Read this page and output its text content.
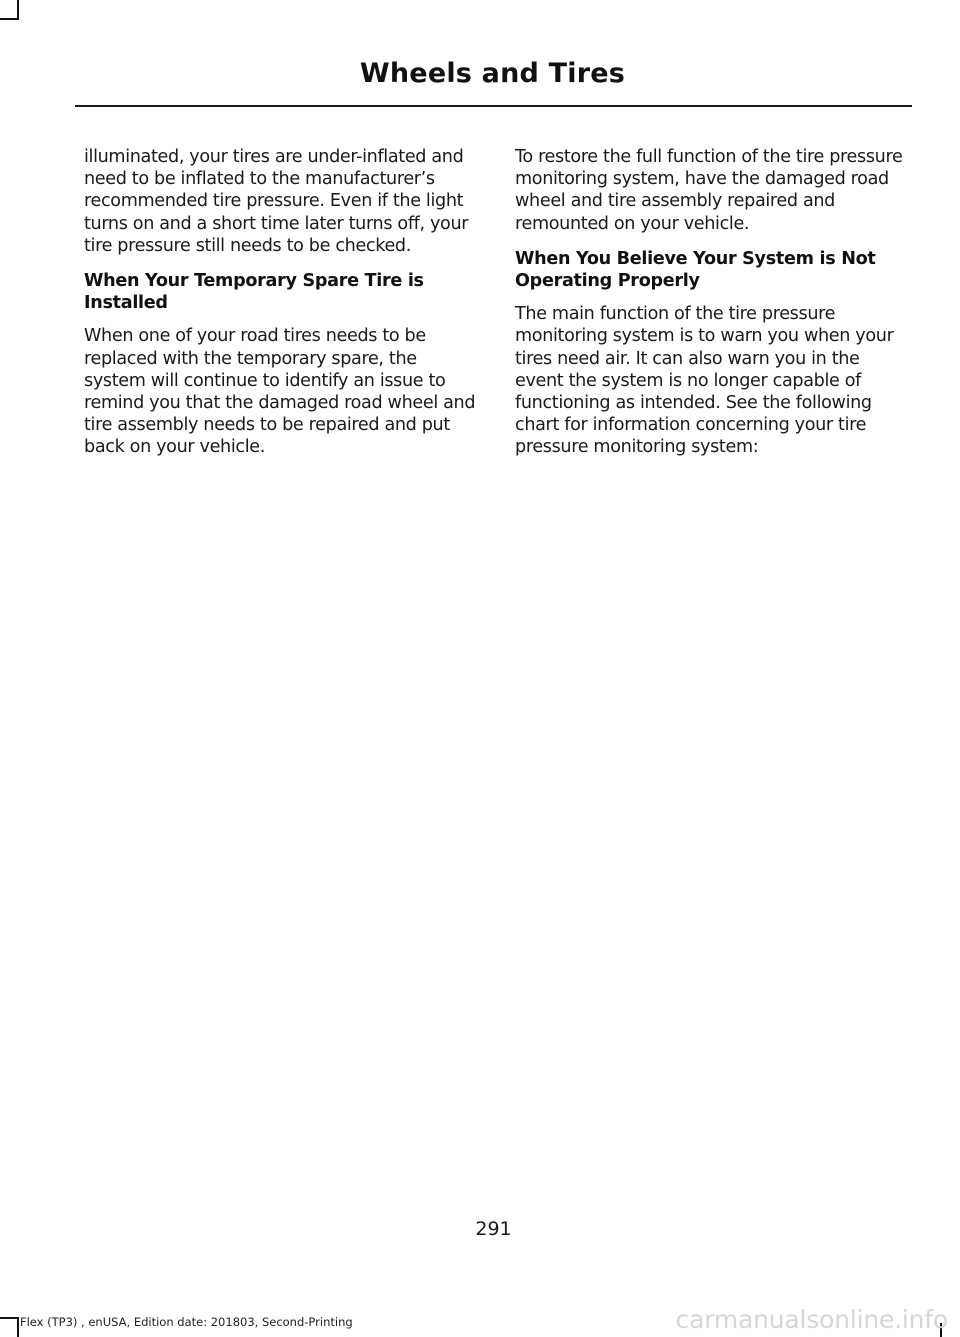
Wheels and Tires

illuminated, your tires are under-inflated and need to be inflated to the manufacturer’s recommended tire pressure. Even if the light turns on and a short time later turns off, your tire pressure still needs to be checked.

When Your Temporary Spare Tire is Installed

When one of your road tires needs to be replaced with the temporary spare, the system will continue to identify an issue to remind you that the damaged road wheel and tire assembly needs to be repaired and put back on your vehicle.

To restore the full function of the tire pressure monitoring system, have the damaged road wheel and tire assembly repaired and remounted on your vehicle.

When You Believe Your System is Not Operating Properly

The main function of the tire pressure monitoring system is to warn you when your tires need air. It can also warn you in the event the system is no longer capable of functioning as intended. See the following chart for information concerning your tire pressure monitoring system:

291
Flex (TP3) , enUSA, Edition date: 201803, Second-Printing	carmanualsonline.info
